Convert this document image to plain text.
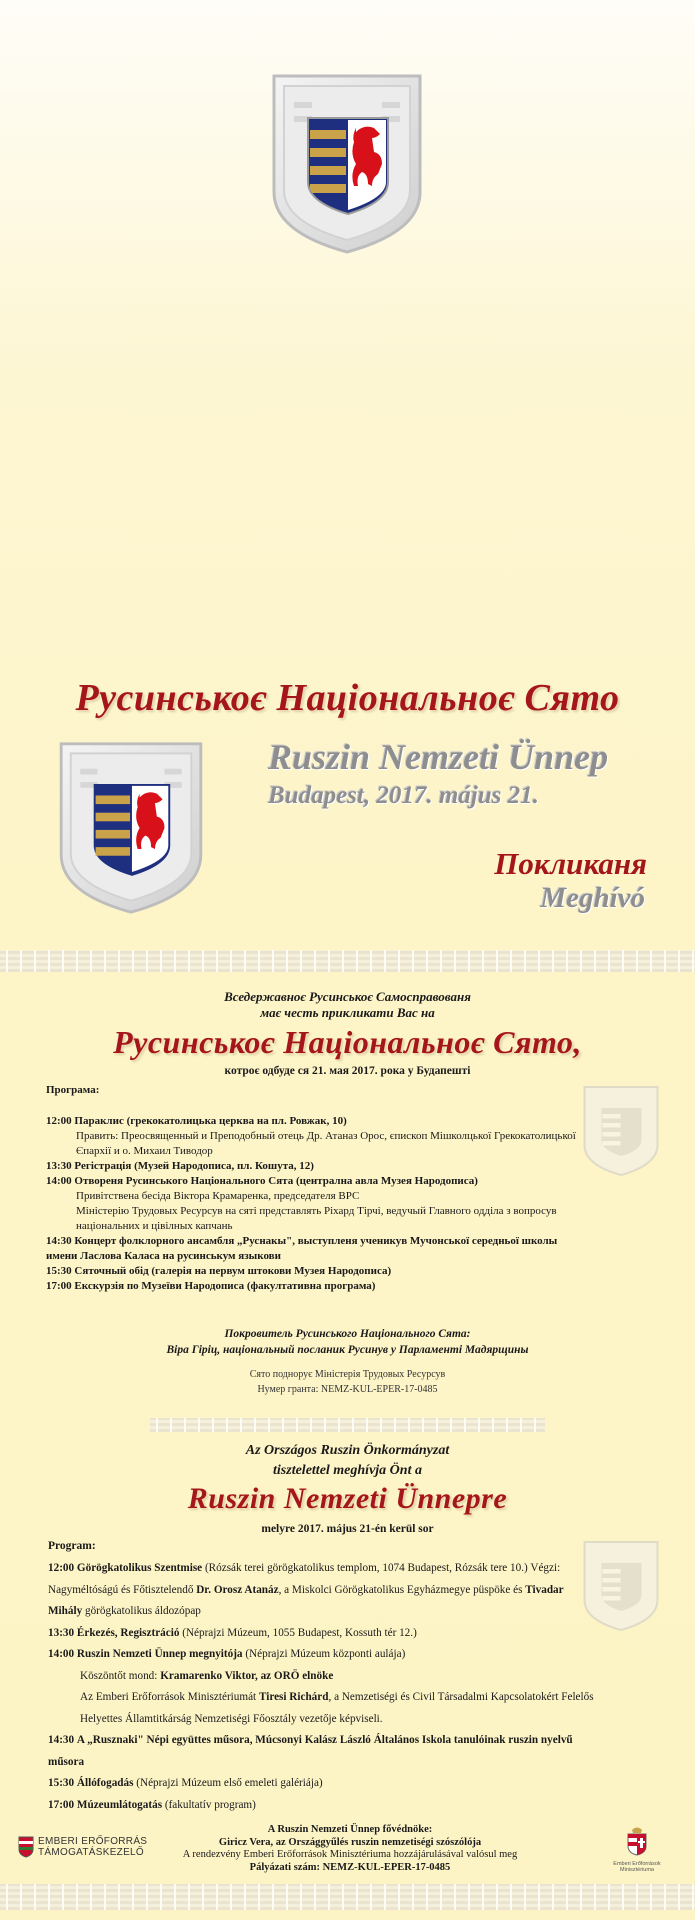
Русинськоє Національноє Сято
Ruszin Nemzeti Ünnep
Budapest, 2017. május 21.
Покликаня
Meghívó
Вседержавноє Русинськоє Самосправованя
має честь прикликати Вас на
Русинськоє Національноє Сято,
котроє одбуде ся 21. мая 2017. рока у Будапешті
Програма:
12:00 Параклис (грекокатолицька церква на пл. Ровжак, 10)
Править: Преосвященный и Преподобный отець Др. Атаназ Орос, єпископ Мішколцької Грекокатолицької Єпархії и о. Михаил Тиводор
13:30 Регістрація (Музей Народописа, пл. Кошута, 12)
14:00 Отвореня Русинського Національного Сята (централна авла Музея Народописа)
Привітствена бесіда Віктора Крамаренка, председателя ВРС
Міністерію Трудовых Ресурсув на сяті представлять Ріхард Тірчі, ведучый Главного одділа з вопросув національних и цівілных капчань
14:30 Концерт фолклорного ансамбля „Руснакы", выступленя ученикув Мучонської середньої школы имени Ласлова Калаcа на русинськум языкови
15:30 Сяточный обід (галерія на первум штокови Музея Народописа)
17:00 Екскурзія по Музеїви Народописа (факултативна програма)
Покровитель Русинського Національного Сята:
Віра Гіріц, національный посланик Русинув у Парламенті Мадярщины
Сято поднорує Міністерія Трудовых Ресурсув
Нумер гранта: NEMZ-KUL-EPER-17-0485
Az Országos Ruszin Önkormányzat
tisztelettel meghívja Önt a
Ruszin Nemzeti Ünnepre
melyre 2017. május 21-én kerül sor
Program:
12:00 Görögkatolikus Szentmise (Rózsák terei görögkatolikus templom, 1074 Budapest, Rózsák tere 10.) Végzi: Nagyméltóságú és Főtisztelendő Dr. Orosz Atanáz, a Miskolci Görögkatolikus Egyházmegye püspöke és Tivadar Mihály görögkatolikus áldozópap
13:30 Érkezés, Regisztráció (Néprajzi Múzeum, 1055 Budapest, Kossuth tér 12.)
14:00 Ruszin Nemzeti Ünnep megnyitója (Néprajzi Múzeum központi aulája)
Köszöntőt mond: Kramarenko Viktor, az ORÖ elnöke
Az Emberi Erőforrások Minisztériumát Tiresi Richárd, a Nemzetiségi és Civil Társadalmi Kapcsolatokért Felelős Helyettes Államtitkárság Nemzetiségi Főosztály vezetője képviseli.
14:30 A „Rusznaki" Népi együttes műsora, Múcsonyi Kalász László Általános Iskola tanulóinak ruszin nyelvű műsora
15:30 Állófogadás (Néprajzi Múzeum első emeleti galériája)
17:00 Múzeumlátogatás (fakultatív program)
A Ruszin Nemzeti Ünnep fővédnöke:
Giricz Vera, az Országgyűlés ruszin nemzetiségi szószólója
A rendezvény Emberi Erőforrások Minisztériuma hozzájárulásával valósul meg
Pályázati szám: NEMZ-KUL-EPER-17-0485
EMBERI ERŐFORRÁS
TÁMOGATÁSKEZELŐ
Emberi Erőforrások Minisztériuma
